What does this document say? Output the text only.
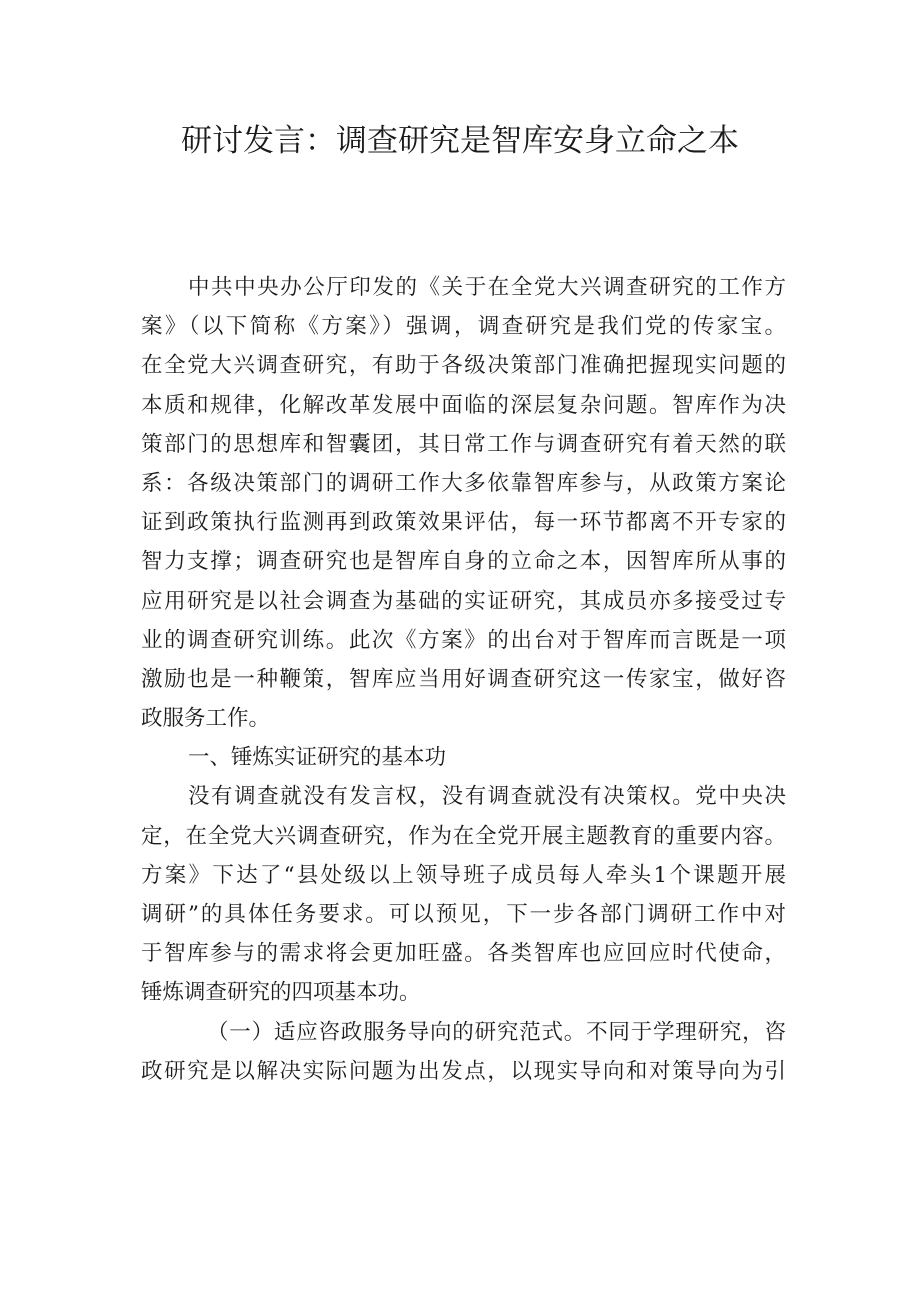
研讨发言：调查研究是智库安身立命之本
中共中央办公厅印发的《关于在全党大兴调查研究的工作方
案》（以下简称《方案》）强调，调查研究是我们党的传家宝。
在全党大兴调查研究，有助于各级决策部门准确把握现实问题的
本质和规律，化解改革发展中面临的深层复杂问题。智库作为决
策部门的思想库和智囊团，其日常工作与调查研究有着天然的联
系：各级决策部门的调研工作大多依靠智库参与，从政策方案论
证到政策执行监测再到政策效果评估，每一环节都离不开专家的
智力支撑；调查研究也是智库自身的立命之本，因智库所从事的
应用研究是以社会调查为基础的实证研究，其成员亦多接受过专
业的调查研究训练。此次《方案》的出台对于智库而言既是一项
激励也是一种鞭策，智库应当用好调查研究这一传家宝，做好咨
政服务工作。
一、锤炼实证研究的基本功
没有调查就没有发言权，没有调查就没有决策权。党中央决
定，在全党大兴调查研究，作为在全党开展主题教育的重要内容。
方案》下达了“县处级以上领导班子成员每人牵头1个课题开展
调研”的具体任务要求。可以预见，下一步各部门调研工作中对
于智库参与的需求将会更加旺盛。各类智库也应回应时代使命，
锤炼调查研究的四项基本功。
（一）适应咨政服务导向的研究范式。不同于学理研究，咨
政研究是以解决实际问题为出发点，以现实导向和对策导向为引
